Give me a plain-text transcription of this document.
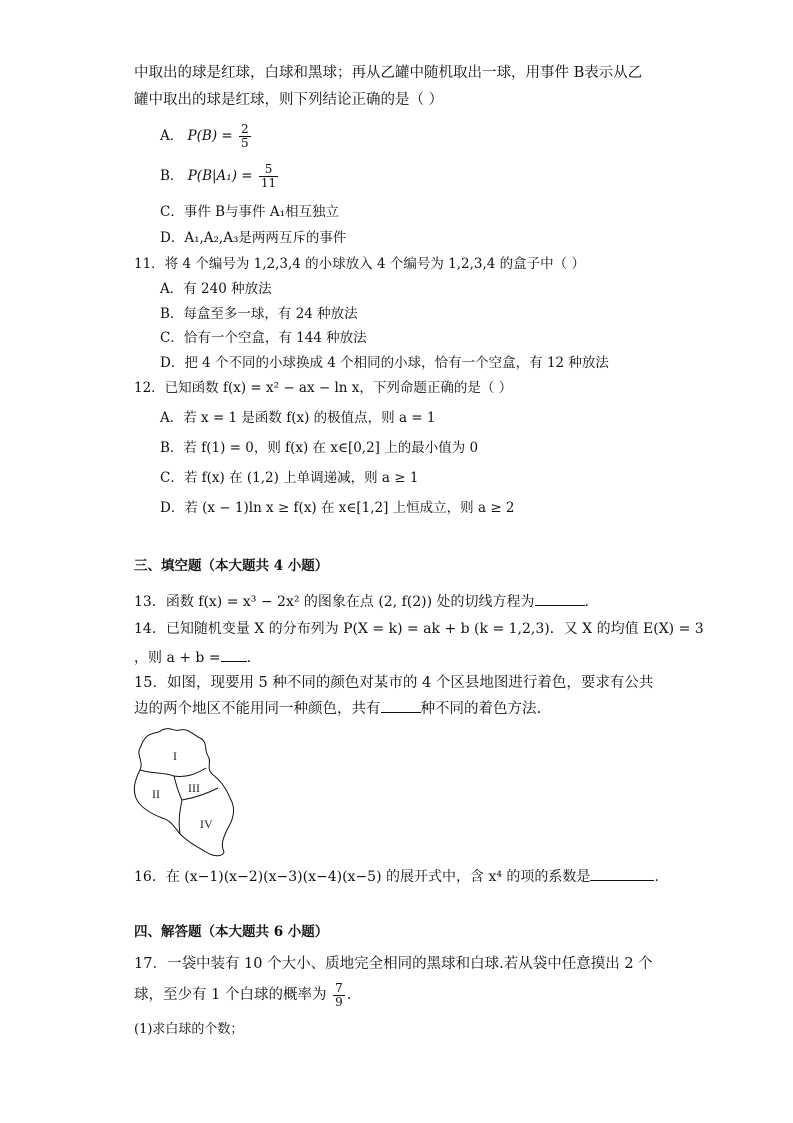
中取出的球是红球，白球和黑球；再从乙罐中随机取出一球，用事件 B表示从乙
罐中取出的球是红球，则下列结论正确的是（ ）
A． $P(B) = \frac{2}{5}$
B． $P(B|A_1) = \frac{5}{11}$
C．事件 B与事件 A₁相互独立
D．A₁,A₂,A₃是两两互斥的事件
11．将 4 个编号为 1,2,3,4 的小球放入 4 个编号为 1,2,3,4 的盒子中（ ）
A．有 240 种放法
B．每盒至多一球，有 24 种放法
C．恰有一个空盒，有 144 种放法
D．把 4 个不同的小球换成 4 个相同的小球，恰有一个空盒，有 12 种放法
12．已知函数 f(x) = x² − ax − ln x，下列命题正确的是（ ）
A．若 x = 1 是函数 f(x) 的极值点，则 a = 1
B．若 f(1) = 0，则 f(x) 在 x∈[0,2] 上的最小值为 0
C．若 f(x) 在 (1,2) 上单调递减，则 a ≥ 1
D．若 (x − 1)ln x ≥ f(x) 在 x∈[1,2] 上恒成立，则 a ≥ 2
三、填空题（本大题共 4 小题）
13．函数 f(x) = x³ − 2x² 的图象在点 (2, f(2)) 处的切线方程为	.
14．已知随机变量 X 的分布列为 P(X = k) = ak + b (k = 1,2,3)．又 X 的均值 E(X) = 3
，则 a + b = .
15．如图，现要用 5 种不同的颜色对某市的 4 个区县地图进行着色，要求有公共
边的两个地区不能用同一种颜色，共有	种不同的着色方法.
I
II III
IV
16．在 (x−1)(x−2)(x−3)(x−4)(x−5) 的展开式中，含 x⁴ 的项的系数是	.
四、解答题（本大题共 6 小题）
17．一袋中装有 10 个大小、质地完全相同的黑球和白球.若从袋中任意摸出 2 个
球，至少有 1 个白球的概率为 $\frac{7}{9}$ .
(1)求白球的个数；
